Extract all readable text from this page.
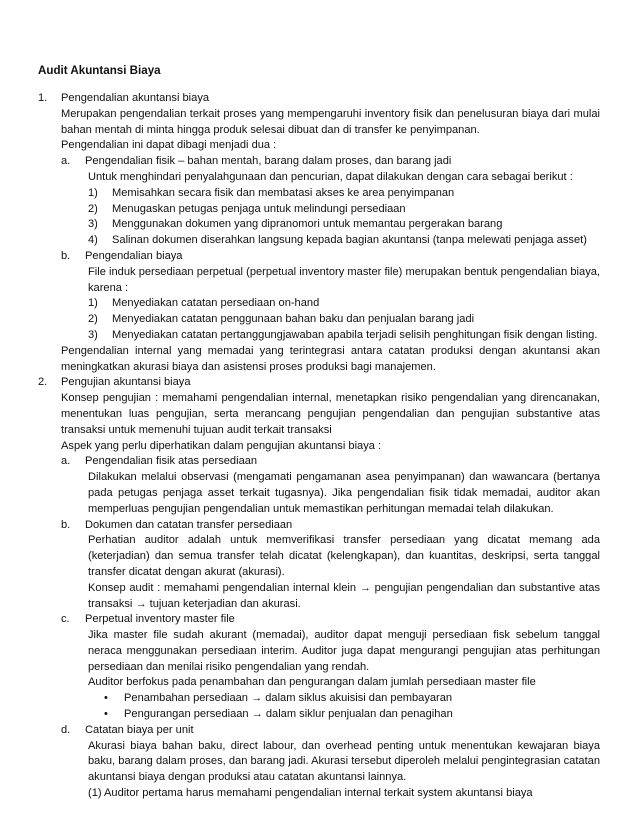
Audit Akuntansi Biaya
1.	Pengendalian akuntansi biaya

Merupakan pengendalian terkait proses yang mempengaruhi inventory fisik dan penelusuran biaya dari mulai bahan mentah di minta hingga produk selesai dibuat dan di transfer ke penyimpanan.

Pengendalian ini dapat dibagi menjadi dua :

a.	Pengendalian fisik – bahan mentah, barang dalam proses, dan barang jadi

Untuk menghindari penyalahgunaan dan pencurian, dapat dilakukan dengan cara sebagai berikut :

1)	Memisahkan secara fisik dan membatasi akses ke area penyimpanan
2)	Menugaskan petugas penjaga untuk melindungi persediaan
3)	Menggunakan dokumen yang dipranomori untuk memantau pergerakan barang
4)	Salinan dokumen diserahkan langsung kepada bagian akuntansi (tanpa melewati penjaga asset)
b.	Pengendalian biaya

File induk persediaan perpetual (perpetual inventory master file) merupakan bentuk pengendalian biaya, karena :

1)	Menyediakan catatan persediaan on-hand
2)	Menyediakan catatan penggunaan bahan baku dan penjualan barang jadi
3)	Menyediakan catatan pertanggungjawaban apabila terjadi selisih penghitungan fisik dengan listing.

Pengendalian internal yang memadai yang terintegrasi antara catatan produksi dengan akuntansi akan meningkatkan akurasi biaya dan asistensi proses produksi bagi manajemen.

2.	Pengujian akuntansi biaya

Konsep pengujian : memahami pengendalian internal, menetapkan risiko pengendalian yang direncanakan, menentukan luas pengujian, serta merancang pengujian pengendalian dan pengujian substantive atas transaksi untuk memenuhi tujuan audit terkait transaksi

Aspek yang perlu diperhatikan dalam pengujian akuntansi biaya :

a.	Pengendalian fisik atas persediaan

Dilakukan melalui observasi (mengamati pengamanan asea penyimpanan) dan wawancara (bertanya pada petugas penjaga asset terkait tugasnya). Jika pengendalian fisik tidak memadai, auditor akan memperluas pengujian pengendalian untuk memastikan perhitungan memadai telah dilakukan.

b.	Dokumen dan catatan transfer persediaan

Perhatian auditor adalah untuk memverifikasi transfer persediaan yang dicatat memang ada (keterjadian) dan semua transfer telah dicatat (kelengkapan), dan kuantitas, deskripsi, serta tanggal transfer dicatat dengan akurat (akurasi).

Konsep audit : memahami pengendalian internal klein → pengujian pengendalian dan substantive atas transaksi → tujuan keterjadian dan akurasi.

c.	Perpetual inventory master file

Jika master file sudah akurant (memadai), auditor dapat menguji persediaan fisk sebelum tanggal neraca menggunakan persediaan interim. Auditor juga dapat mengurangi pengujian atas perhitungan persediaan dan menilai risiko pengendalian yang rendah.

Auditor berfokus pada penambahan dan pengurangan dalam jumlah persediaan master file

•	Penambahan persediaan → dalam siklus akuisisi dan pembayaran
•	Pengurangan persediaan → dalam siklur penjualan dan penagihan
d.	Catatan biaya per unit

Akurasi biaya bahan baku, direct labour, dan overhead penting untuk menentukan kewajaran biaya baku, barang dalam proses, dan barang jadi. Akurasi tersebut diperoleh melalui pengintegrasian catatan akuntansi biaya dengan produksi atau catatan akuntansi lainnya.

(1) Auditor pertama harus memahami pengendalian internal terkait system akuntansi biaya
